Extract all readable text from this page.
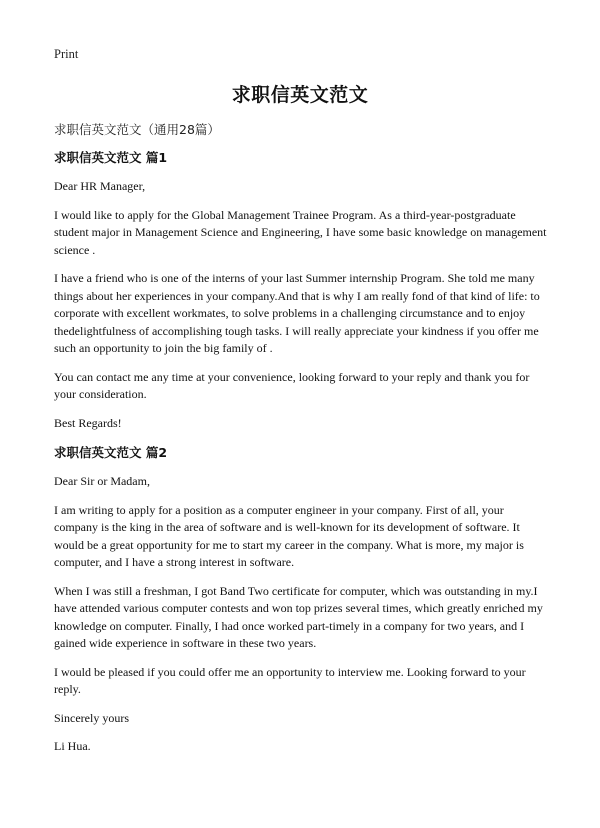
Print
求职信英文范文
求职信英文范文（通用28篇）
求职信英文范文 篇1

Dear HR Manager,

I would like to apply for the Global Management Trainee Program. As a third-year-postgraduate student major in Management Science and Engineering, I have some basic knowledge on management science .

I have a friend who is one of the interns of your last Summer internship Program. She told me many things about her experiences in your company.And that is why I am really fond of that kind of life: to corporate with excellent workmates, to solve problems in a challenging circumstance and to enjoy thedelightfulness of accomplishing tough tasks. I will really appreciate your kindness if you offer me such an opportunity to join the big family of .

You can contact me any time at your convenience, looking forward to your reply and thank you for your consideration.

Best Regards!

求职信英文范文 篇2

Dear Sir or Madam,

I am writing to apply for a position as a computer engineer in your company. First of all, your company is the king in the area of software and is well-known for its development of software. It would be a great opportunity for me to start my career in the company. What is more, my major is computer, and I have a strong interest in software.

When I was still a freshman, I got Band Two certificate for computer, which was outstanding in my.I have attended various computer contests and won top prizes several times, which greatly enriched my knowledge on computer. Finally, I had once worked part-timely in a company for two years, and I gained wide experience in software in these two years.

I would be pleased if you could offer me an opportunity to interview me. Looking forward to your reply.

Sincerely yours

Li Hua.
